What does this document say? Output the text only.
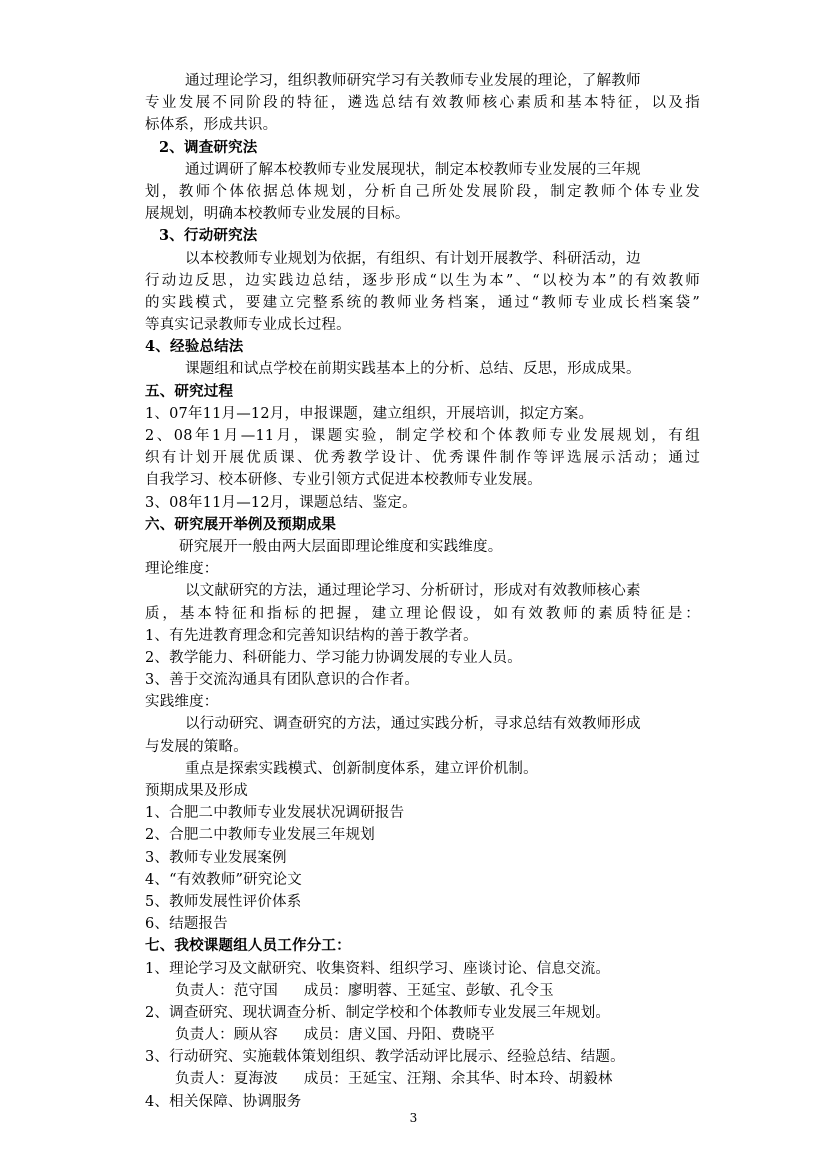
通过理论学习，组织教师研究学习有关教师专业发展的理论，了解教师
专业发展不同阶段的特征，遴选总结有效教师核心素质和基本特征，以及指
标体系，形成共识。
2、调查研究法
通过调研了解本校教师专业发展现状，制定本校教师专业发展的三年规
划，教师个体依据总体规划，分析自己所处发展阶段，制定教师个体专业发
展规划，明确本校教师专业发展的目标。
3、行动研究法
以本校教师专业规划为依据，有组织、有计划开展教学、科研活动，边
行动边反思，边实践边总结，逐步形成“以生为本”、“以校为本”的有效教师
的实践模式，要建立完整系统的教师业务档案，通过“教师专业成长档案袋”
等真实记录教师专业成长过程。
4、经验总结法
课题组和试点学校在前期实践基本上的分析、总结、反思，形成成果。
五、研究过程
1、07年11月—12月，申报课题，建立组织，开展培训，拟定方案。
2、08年1月—11月，课题实验，制定学校和个体教师专业发展规划，有组
织有计划开展优质课、优秀教学设计、优秀课件制作等评选展示活动；通过
自我学习、校本研修、专业引领方式促进本校教师专业发展。
3、08年11月—12月，课题总结、鉴定。
六、研究展开举例及预期成果
研究展开一般由两大层面即理论维度和实践维度。
理论维度：
以文献研究的方法，通过理论学习、分析研讨，形成对有效教师核心素
质，基本特征和指标的把握，建立理论假设，如有效教师的素质特征是：
1、有先进教育理念和完善知识结构的善于教学者。
2、教学能力、科研能力、学习能力协调发展的专业人员。
3、善于交流沟通具有团队意识的合作者。
实践维度：
以行动研究、调查研究的方法，通过实践分析，寻求总结有效教师形成
与发展的策略。
重点是探索实践模式、创新制度体系，建立评价机制。
预期成果及形成
1、合肥二中教师专业发展状况调研报告
2、合肥二中教师专业发展三年规划
3、教师专业发展案例
4、“有效教师”研究论文
5、教师发展性评价体系
6、结题报告
七、我校课题组人员工作分工：
1、理论学习及文献研究、收集资料、组织学习、座谈讨论、信息交流。
负责人：范守国 成员：廖明蓉、王延宝、彭敏、孔令玉
2、调查研究、现状调查分析、制定学校和个体教师专业发展三年规划。
负责人：顾从容 成员：唐义国、丹阳、费晓平
3、行动研究、实施载体策划组织、教学活动评比展示、经验总结、结题。
负责人：夏海波 成员：王延宝、汪翔、余其华、时本玲、胡毅林
4、相关保障、协调服务
3
